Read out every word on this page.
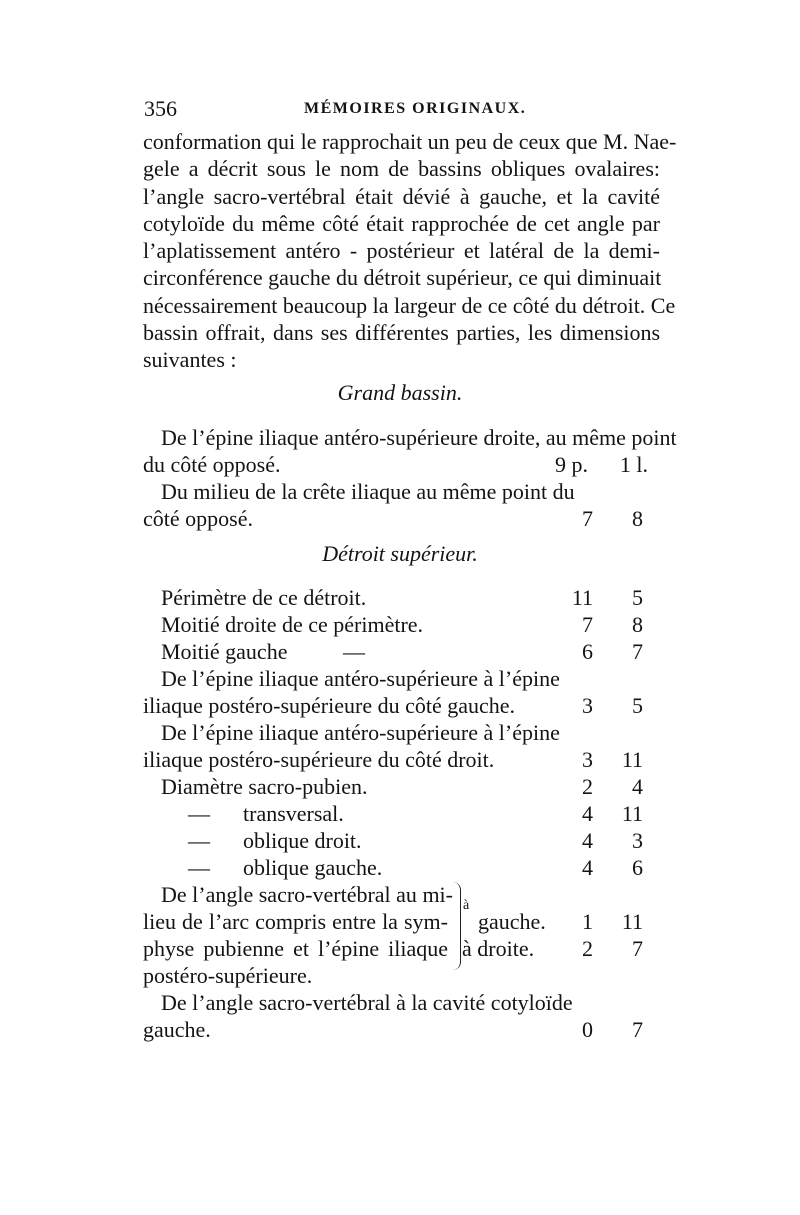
356	MÉMOIRES ORIGINAUX.
conformation qui le rapprochait un peu de ceux que M. Nae-
gele a décrit sous le nom de bassins obliques ovalaires:
l’angle sacro-vertébral était dévié à gauche, et la cavité
cotyloïde du même côté était rapprochée de cet angle par
l’aplatissement antéro - postérieur et latéral de la demi-
circonférence gauche du détroit supérieur, ce qui diminuait
nécessairement beaucoup la largeur de ce côté du détroit. Ce
bassin offrait, dans ses différentes parties, les dimensions
suivantes :
Grand bassin.
De l’épine iliaque antéro-supérieure droite, au même point
du côté opposé.	9 p.	1 l.
Du milieu de la crête iliaque au même point du
côté opposé.	7	8
Détroit supérieur.
Périmètre de ce détroit.	11	5
Moitié droite de ce périmètre.	7	8
Moitié gauche	—	6	7
De l’épine iliaque antéro-supérieure à l’épine
iliaque postéro-supérieure du côté gauche.	3	5
De l’épine iliaque antéro-supérieure à l’épine
iliaque postéro-supérieure du côté droit.	3	11
Diamètre sacro-pubien.	2	4
— transversal.	4	11
— oblique droit.	4	3
— oblique gauche.	4	6
De l’angle sacro-vertébral au mi-
lieu de l’arc compris entre la sym-
physe pubienne et l’épine iliaque
postéro-supérieure.
à
gauche.	1	11
à droite.	2	7
De l’angle sacro-vertébral à la cavité cotyloïde
gauche.	0	7
